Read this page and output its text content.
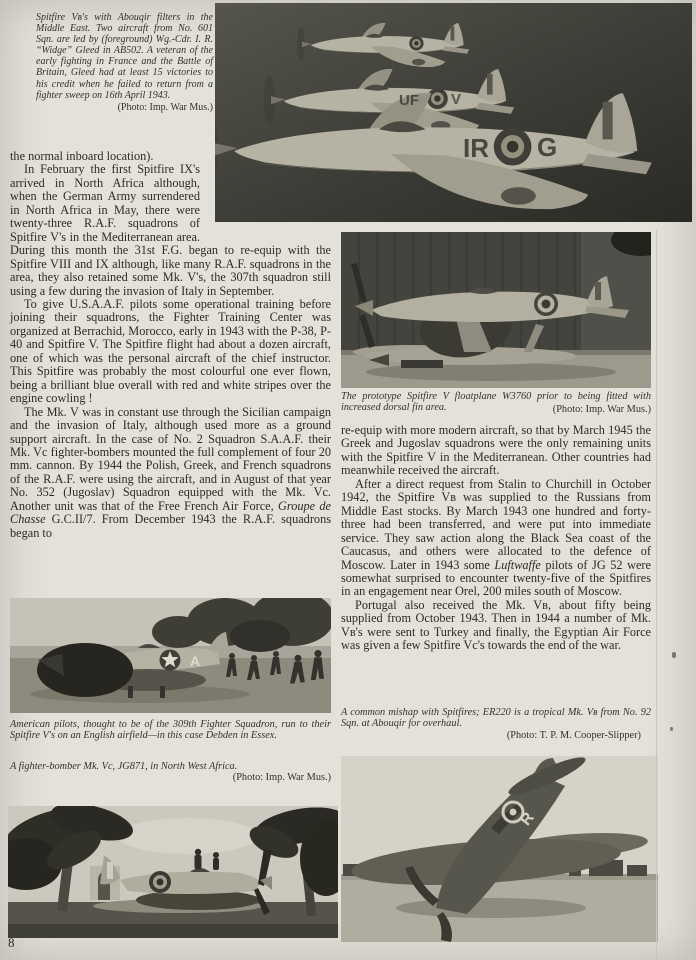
Spitfire Vʙ's with Abouqir filters in the Middle East. Two aircraft from No. 601 Sqn. are led by (foreground) Wg.-Cdr. I. R. “Widge” Gleed in AB502. A veteran of the early fighting in France and the Battle of Britain, Gleed had at least 15 victories to his credit when he failed to return from a fighter sweep on 16th April 1943.
(Photo: Imp. War Mus.)	UF V
IR G

the normal inboard location).

In February the first Spitfire IX's arrived in North Africa although, when the German Army surrendered in North Africa in May, there were twenty-three R.A.F. squadrons of Spitfire V's in the Mediterranean area. During this month the 31st F.G. began to re-equip with the Spitfire VIII and IX although, like many R.A.F. squadrons in the area, they also retained some Mk. V's, the 307th squadron still using a few during the invasion of Italy in September.

To give U.S.A.A.F. pilots some operational training before joining their squadrons, the Fighter Training Center was organized at Berrachid, Morocco, early in 1943 with the P-38, P-40 and Spitfire V. The Spitfire flight had about a dozen aircraft, one of which was the personal aircraft of the chief instructor. This Spitfire was probably the most colourful one ever flown, being a brilliant blue overall with red and white stripes over the engine cowling !

The Mk. V was in constant use through the Sicilian campaign and the invasion of Italy, although used more as a ground support aircraft. In the case of No. 2 Squadron S.A.A.F. their Mk. Vc fighter-bombers mounted the full complement of four 20 mm. cannon. By 1944 the Polish, Greek, and French squadrons of the R.A.F. were using the aircraft, and in August of that year No. 352 (Jugoslav) Squadron equipped with the Mk. Vc. Another unit was that of the Free French Air Force, Groupe de Chasse G.C.II/7. From December 1943 the R.A.F. squadrons began to

The prototype Spitfire V floatplane W3760 prior to being fitted with increased dorsal fin area.	(Photo: Imp. War Mus.)

re-equip with more modern aircraft, so that by March 1945 the Greek and Jugoslav squadrons were the only remaining units with the Spitfire V in the Mediterranean. Other countries had meanwhile received the aircraft.

After a direct request from Stalin to Churchill in October 1942, the Spitfire Vʙ was supplied to the Russians from Middle East stocks. By March 1943 one hundred and forty-three had been transferred, and were put into immediate service. They saw action along the Black Sea coast of the Caucasus, and others were allocated to the defence of Moscow. Later in 1943 some Luftwaffe pilots of JG 52 were somewhat surprised to encounter twenty-five of the Spitfires in an engagement near Orel, 200 miles south of Moscow.

Portugal also received the Mk. Vʙ, about fifty being supplied from October 1943. Then in 1944 a number of Mk. Vʙ's were sent to Turkey and finally, the Egyptian Air Force was given a few Spitfire Vc's towards the end of the war.

A common mishap with Spitfires; ER220 is a tropical Mk. Vʙ from No. 92 Sqn. at Abouqir for overhaul.
(Photo: T. P. M. Cooper-Slipper)
R
A
American pilots, thought to be of the 309th Fighter Squadron, run to their Spitfire V's on an English airfield—in this case Debden in Essex.
A fighter-bomber Mk. Vc, JG871, in North West Africa.
(Photo: Imp. War Mus.)
8
